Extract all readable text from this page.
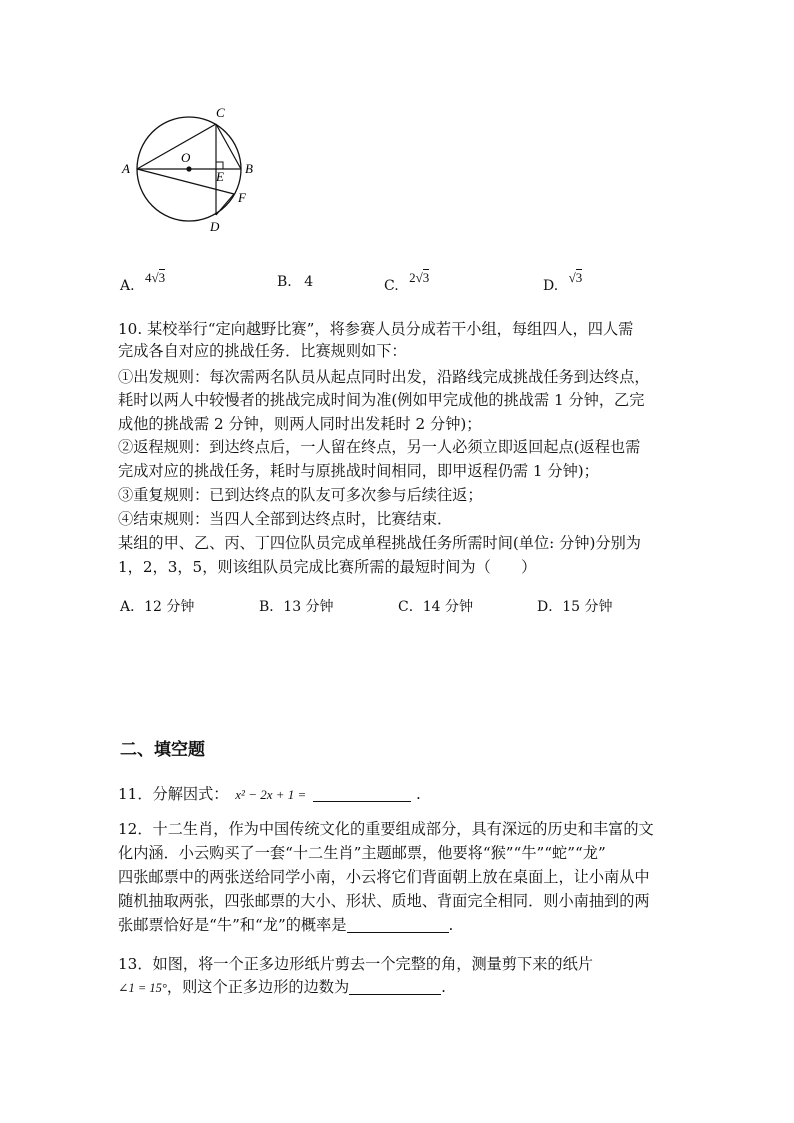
C
O
A	B
E
F
D
A. 4√3	B. 4	C. 2√3
D. √3
10. 某校举行“定向越野比赛”，将参赛人员分成若干小组，每组四人，四人需
完成各自对应的挑战任务．比赛规则如下：
①出发规则：每次需两名队员从起点同时出发，沿路线完成挑战任务到达终点，
耗时以两人中较慢者的挑战完成时间为准(例如甲完成他的挑战需 1 分钟，乙完
成他的挑战需 2 分钟，则两人同时出发耗时 2 分钟)；
②返程规则：到达终点后，一人留在终点，另一人必须立即返回起点(返程也需
完成对应的挑战任务，耗时与原挑战时间相同，即甲返程仍需 1 分钟)；
③重复规则：已到达终点的队友可多次参与后续往返；
④结束规则：当四人全部到达终点时，比赛结束．
某组的甲、乙、丙、丁四位队员完成单程挑战任务所需时间(单位: 分钟)分别为
1，2，3，5，则该组队员完成比赛所需的最短时间为（　　）
A．12 分钟	B．13 分钟	C．14 分钟	D．15 分钟
二、填空题
11．分解因式： x² − 2x + 1 =	.
12．十二生肖，作为中国传统文化的重要组成部分，具有深远的历史和丰富的文
化内涵．小云购买了一套“十二生肖”主题邮票，他要将“猴”“牛”“蛇”“龙”
四张邮票中的两张送给同学小南，小云将它们背面朝上放在桌面上，让小南从中
随机抽取两张，四张邮票的大小、形状、质地、背面完全相同．则小南抽到的两
张邮票恰好是“牛”和“龙”的概率是	.
13．如图，将一个正多边形纸片剪去一个完整的角，测量剪下来的纸片
∠1 = 15°，则这个正多边形的边数为	.
